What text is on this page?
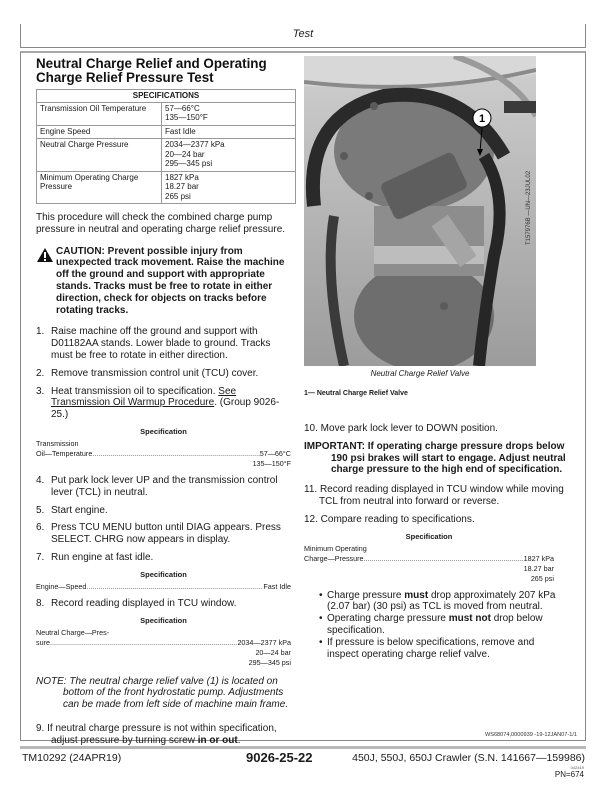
Test
Neutral Charge Relief and Operating Charge Relief Pressure Test
SPECIFICATIONS	
Transmission Oil Temperature	57—66°C
135—150°F

Engine Speed	Fast Idle

Neutral Charge Pressure	2034—2377 kPa
20—24 bar
295—345 psi

Minimum Operating Charge Pressure	1827 kPa
18.27 bar
265 psi

This procedure will check the combined charge pump pressure in neutral and operating charge relief pressure.

CAUTION: Prevent possible injury from unexpected track movement. Raise the machine off the ground and support with appropriate stands. Tracks must be free to rotate in either direction, check for objects on tracks before rotating tracks.
1. Raise machine off the ground and support with D01182AA stands. Lower blade to ground. Tracks must be free to rotate in either direction.
2. Remove transmission control unit (TCU) cover.
3. Heat transmission oil to specification. See Transmission Oil Warmup Procedure. (Group 9026-25.)
Specification
Transmission
Oil—Temperature .....	57—66°C
135—150°F
4. Put park lock lever UP and the transmission control lever (TCL) in neutral.
5. Start engine.
6. Press TCU MENU button until DIAG appears. Press SELECT. CHRG now appears in display.
7. Run engine at fast idle.
Specification
Engine—Speed .....	Fast Idle
8. Record reading displayed in TCU window.
Specification
Neutral Charge—Pres-
sure .....	2034—2377 kPa
20—24 bar
295—345 psi
NOTE: The neutral charge relief valve (1) is located on bottom of the front hydrostatic pump. Adjustments can be made from left side of machine main frame.
9. If neutral charge pressure is not within specification, adjust pressure by turning screw in or out.
1
Neutral Charge Relief Valve
1— Neutral Charge Relief Valve
10. Move park lock lever to DOWN position.
IMPORTANT: If operating charge pressure drops below 190 psi brakes will start to engage. Adjust neutral charge pressure to the high end of specification.
11. Record reading displayed in TCU window while moving TCL from neutral into forward or reverse.
12. Compare reading to specifications.
Specification
Minimum Operating
Charge—Pressure .....	1827 kPa
18.27 bar
265 psi
• Charge pressure must drop approximately 207 kPa (2.07 bar) (30 psi) as TCL is moved from neutral.
• Operating charge pressure must not drop below specification.
• If pressure is below specifications, remove and inspect operating charge relief valve.
WS68074,0000939 -19-12JAN07-1/1
T157976B —UN—23JUL02
TM10292 (24APR19)	9026-25-22	450J, 550J, 650J Crawler (S.N. 141667—159986)
042419
PN=674
